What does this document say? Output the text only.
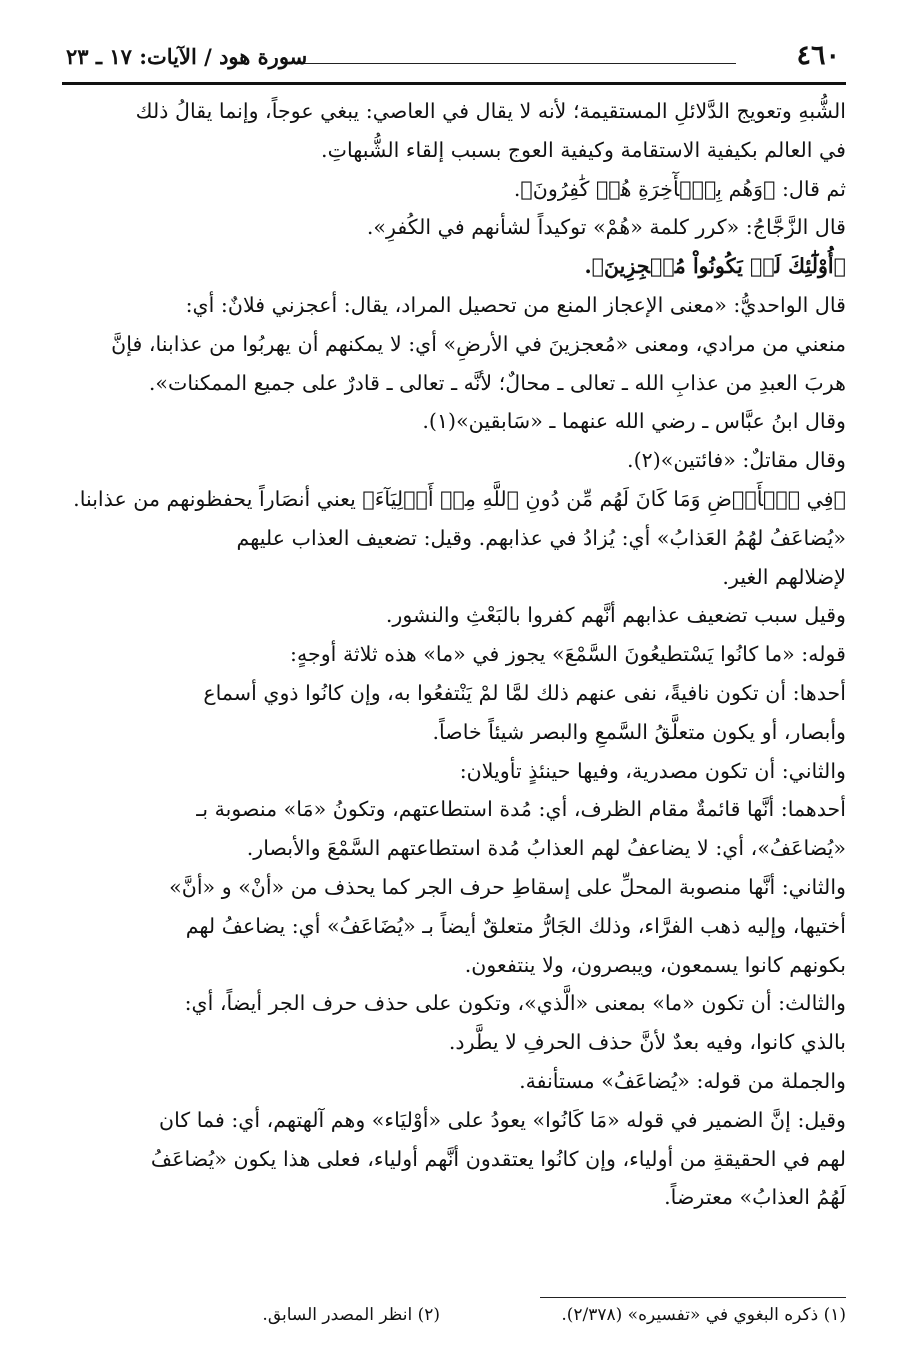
٤٦٠
سورة هود / الآيات: ١٧ ـ ٢٣

الشُّبهِ وتعويج الدَّلائلِ المستقيمة؛ لأنه لا يقال في العاصي: يبغي عوجاً، وإنما يقالُ ذلك

في العالم بكيفية الاستقامة وكيفية العوج بسبب إلقاء الشُّبهاتِ.

ثم قال: ﴿وَهُم بِٱلۡأٓخِرَةِ هُمۡ كَٰفِرُونَ﴾.

قال الزَّجَّاجُ: «كرر كلمة «هُمْ» توكيداً لشأنهم في الكُفرِ».

﴿أُوْلَٰٓئِكَ لَمۡ يَكُونُواْ مُعۡجِزِينَ﴾.

قال الواحديُّ: «معنى الإعجاز المنع من تحصيل المراد، يقال: أعجزني فلانٌ: أي:

منعني من مرادي، ومعنى «مُعجزينَ في الأرضِ» أي: لا يمكنهم أن يهربُوا من عذابنا، فإنَّ

هربَ العبدِ من عذابِ الله ـ تعالى ـ محالٌ؛ لأنَّه ـ تعالى ـ قادرٌ على جميع الممكنات».

وقال ابنُ عبَّاس ـ رضي الله عنهما ـ «سَابقين»(١).

وقال مقاتلٌ: «فائتين»(٢).

﴿فِي ٱلۡأَرۡضِ وَمَا كَانَ لَهُم مِّن دُونِ ٱللَّهِ مِنۡ أَوۡلِيَآءَ﴾ يعني أنصَاراً يحفظونهم من عذابنا.

«يُضاعَفُ لهُمُ العَذابُ» أي: يُزادُ في عذابهم. وقيل: تضعيف العذاب عليهم

لإضلالهم الغير.

وقيل سبب تضعيف عذابهم أنَّهم كفروا بالبَعْثِ والنشور.

قوله: «ما كانُوا يَسْتطيعُونَ السَّمْعَ» يجوز في «ما» هذه ثلاثة أوجهٍ:

أحدها: أن تكون نافيةً، نفى عنهم ذلك لمَّا لمْ يَنْتفعُوا به، وإن كانُوا ذوي أسماع

وأبصار، أو يكون متعلَّقُ السَّمعِ والبصر شيئاً خاصاً.

والثاني: أن تكون مصدرية، وفيها حينئذٍ تأويلان:

أحدهما: أنَّها قائمةٌ مقام الظرف، أي: مُدة استطاعتهم، وتكونُ «مَا» منصوبة بـ

«يُضاعَفُ»، أي: لا يضاعفُ لهم العذابُ مُدة استطاعتهم السَّمْعَ والأبصار.

والثاني: أنَّها منصوبة المحلِّ على إسقاطِ حرف الجر كما يحذف من «أنْ» و «أنَّ»

أختيها، وإليه ذهب الفرَّاء، وذلك الجَارُّ متعلقٌ أيضاً بـ «يُضَاعَفُ» أي: يضاعفُ لهم

بكونهم كانوا يسمعون، ويبصرون، ولا ينتفعون.

والثالث: أن تكون «ما» بمعنى «الَّذي»، وتكون على حذف حرف الجر أيضاً، أي:

بالذي كانوا، وفيه بعدٌ لأنَّ حذف الحرفِ لا يطَّرد.

والجملة من قوله: «يُضاعَفُ» مستأنفة.

وقيل: إنَّ الضمير في قوله «مَا كَانُوا» يعودُ على «أوْليَاء» وهم آلهتهم، أي: فما كان

لهم في الحقيقةِ من أولياء، وإن كانُوا يعتقدون أنَّهم أولياء، فعلى هذا يكون «يُضاعَفُ

لَهُمُ العذابُ» معترضاً.

(١) ذكره البغوي في «تفسيره» (٢/٣٧٨).
(٢) انظر المصدر السابق.
